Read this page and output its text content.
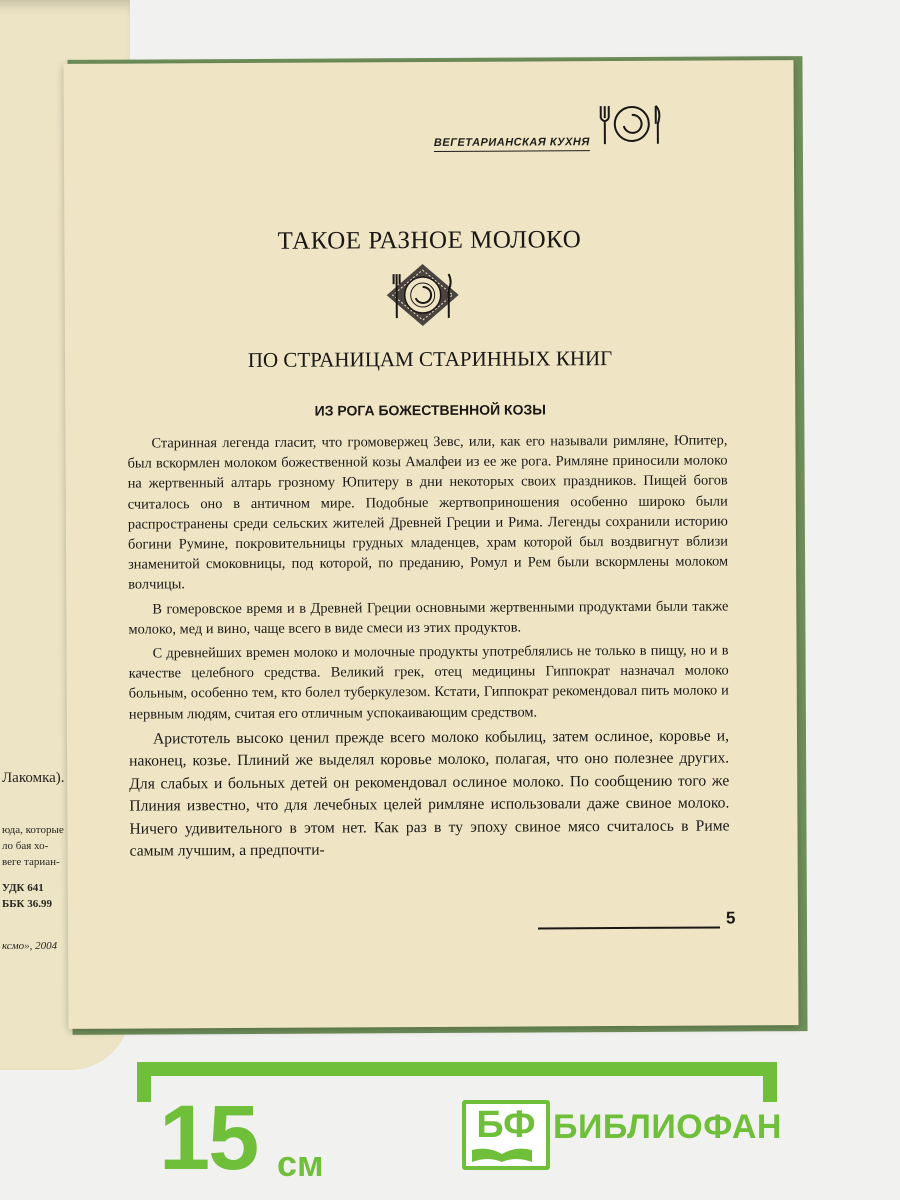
Лакомка).
юда, которые
ло бая хо-
веге тариан-
УДК 641
ББК 36.99
ксмо», 2004
ВЕГЕТАРИАНСКАЯ КУХНЯ
ТАКОЕ РАЗНОЕ МОЛОКО
ПО СТРАНИЦАМ СТАРИННЫХ КНИГ
ИЗ РОГА БОЖЕСТВЕННОЙ КОЗЫ

Старинная легенда гласит, что громовержец Зевс, или, как его называли римляне, Юпитер, был вскормлен молоком божественной козы Амалфеи из ее же рога. Римляне приносили молоко на жертвенный алтарь грозному Юпитеру в дни некоторых своих праздников. Пищей богов считалось оно в античном мире. Подобные жертвоприношения особенно широко были распространены среди сельских жителей Древней Греции и Рима. Легенды сохранили историю богини Румине, покровительницы грудных младенцев, храм которой был воздвигнут вблизи знаменитой смоковницы, под которой, по преданию, Ромул и Рем были вскормлены молоком волчицы.

В гомеровское время и в Древней Греции основными жертвенными продуктами были также молоко, мед и вино, чаще всего в виде смеси из этих продуктов.

С древнейших времен молоко и молочные продукты употреблялись не только в пищу, но и в качестве целебного средства. Великий грек, отец медицины Гиппократ назначал молоко больным, особенно тем, кто болел туберкулезом. Кстати, Гиппократ рекомендовал пить молоко и нервным людям, считая его отличным успокаивающим средством.

Аристотель высоко ценил прежде всего молоко кобылиц, затем ослиное, коровье и, наконец, козье. Плиний же выделял коровье молоко, полагая, что оно полезнее других. Для слабых и больных детей он рекомендовал ослиное молоко. По сообщению того же Плиния известно, что для лечебных целей римляне использовали даже свиное молоко. Ничего удивительного в этом нет. Как раз в ту эпоху свиное мясо считалось в Риме самым лучшим, а предпочти-

5
15 см
БФ БИБЛИОФАН
